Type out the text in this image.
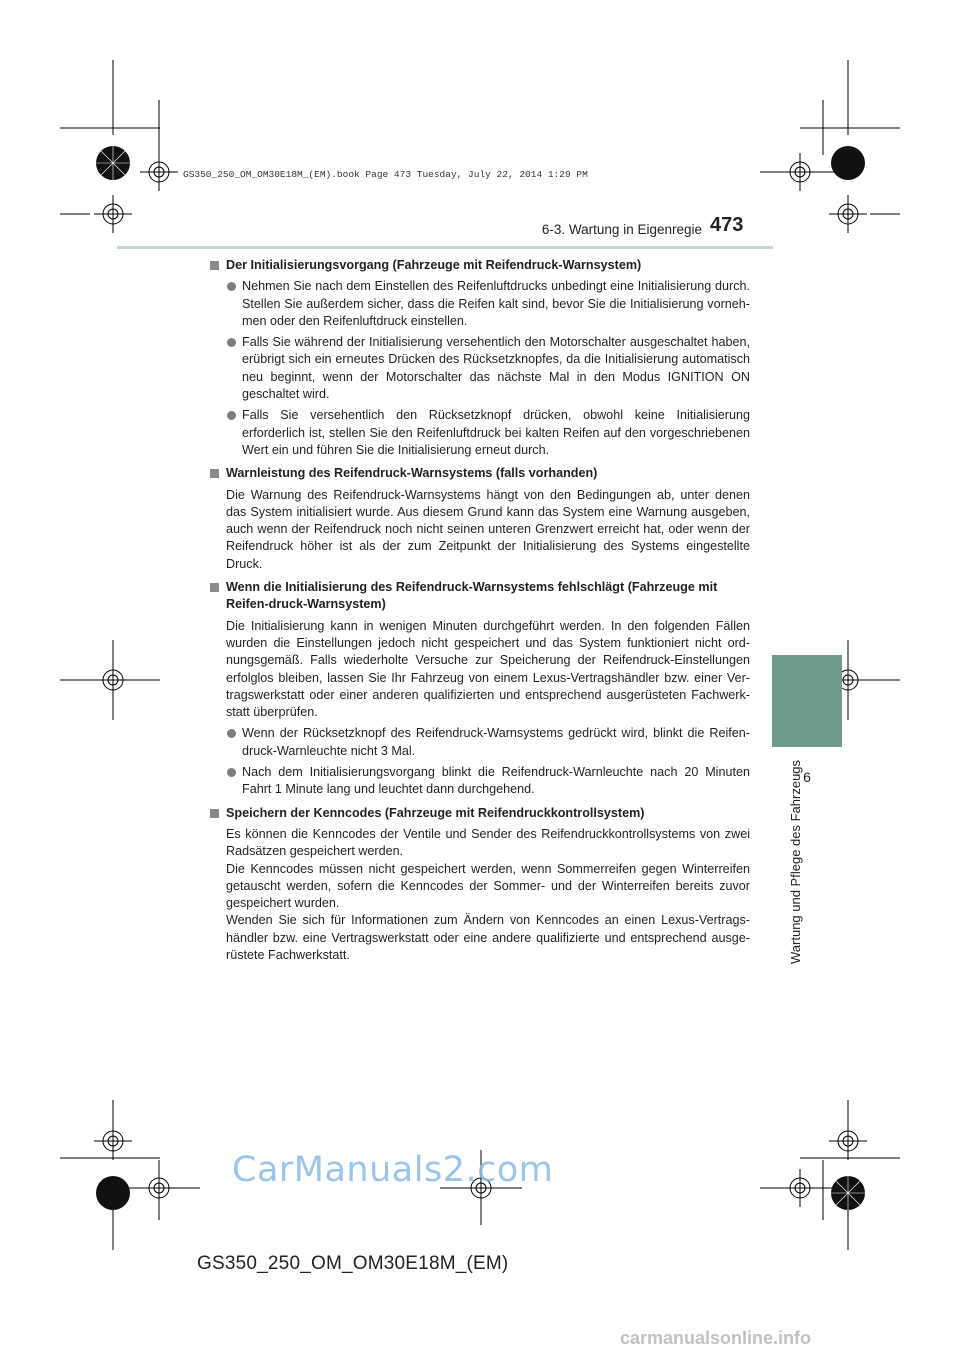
GS350_250_OM_OM30E18M_(EM).book Page 473 Tuesday, July 22, 2014 1:29 PM
6-3. Wartung in Eigenregie 473
6
Wartung und Pflege des Fahrzeugs
Der Initialisierungsvorgang (Fahrzeuge mit Reifendruck-Warnsystem)
Nehmen Sie nach dem Einstellen des Reifenluftdrucks unbedingt eine Initialisierung durch. Stellen Sie außerdem sicher, dass die Reifen kalt sind, bevor Sie die Initialisierung vorneh-men oder den Reifenluftdruck einstellen.
Falls Sie während der Initialisierung versehentlich den Motorschalter ausgeschaltet haben, erübrigt sich ein erneutes Drücken des Rücksetzknopfes, da die Initialisierung automatisch neu beginnt, wenn der Motorschalter das nächste Mal in den Modus IGNITION ON geschaltet wird.
Falls Sie versehentlich den Rücksetzknopf drücken, obwohl keine Initialisierung erforderlich ist, stellen Sie den Reifenluftdruck bei kalten Reifen auf den vorgeschriebenen Wert ein und führen Sie die Initialisierung erneut durch.
Warnleistung des Reifendruck-Warnsystems (falls vorhanden)

Die Warnung des Reifendruck-Warnsystems hängt von den Bedingungen ab, unter denen das System initialisiert wurde. Aus diesem Grund kann das System eine Warnung ausgeben, auch wenn der Reifendruck noch nicht seinen unteren Grenzwert erreicht hat, oder wenn der Reifendruck höher ist als der zum Zeitpunkt der Initialisierung des Systems eingestellte Druck.

Wenn die Initialisierung des Reifendruck-Warnsystems fehlschlägt (Fahrzeuge mit Reifen-druck-Warnsystem)

Die Initialisierung kann in wenigen Minuten durchgeführt werden. In den folgenden Fällen wurden die Einstellungen jedoch nicht gespeichert und das System funktioniert nicht ord-nungsgemäß. Falls wiederholte Versuche zur Speicherung der Reifendruck-Einstellungen erfolglos bleiben, lassen Sie Ihr Fahrzeug von einem Lexus-Vertragshändler bzw. einer Ver-tragswerkstatt oder einer anderen qualifizierten und entsprechend ausgerüsteten Fachwerk-statt überprüfen.

Wenn der Rücksetzknopf des Reifendruck-Warnsystems gedrückt wird, blinkt die Reifen-druck-Warnleuchte nicht 3 Mal.
Nach dem Initialisierungsvorgang blinkt die Reifendruck-Warnleuchte nach 20 Minuten Fahrt 1 Minute lang und leuchtet dann durchgehend.
Speichern der Kenncodes (Fahrzeuge mit Reifendruckkontrollsystem)
Es können die Kenncodes der Ventile und Sender des Reifendruckkontrollsystems von zwei Radsätzen gespeichert werden.
Die Kenncodes müssen nicht gespeichert werden, wenn Sommerreifen gegen Winterreifen getauscht werden, sofern die Kenncodes der Sommer- und der Winterreifen bereits zuvor gespeichert wurden.
Wenden Sie sich für Informationen zum Ändern von Kenncodes an einen Lexus-Vertrags-händler bzw. eine Vertragswerkstatt oder eine andere qualifizierte und entsprechend ausge-rüstete Fachwerkstatt.
CarManuals2.com
GS350_250_OM_OM30E18M_(EM)
carmanualsonline.info
